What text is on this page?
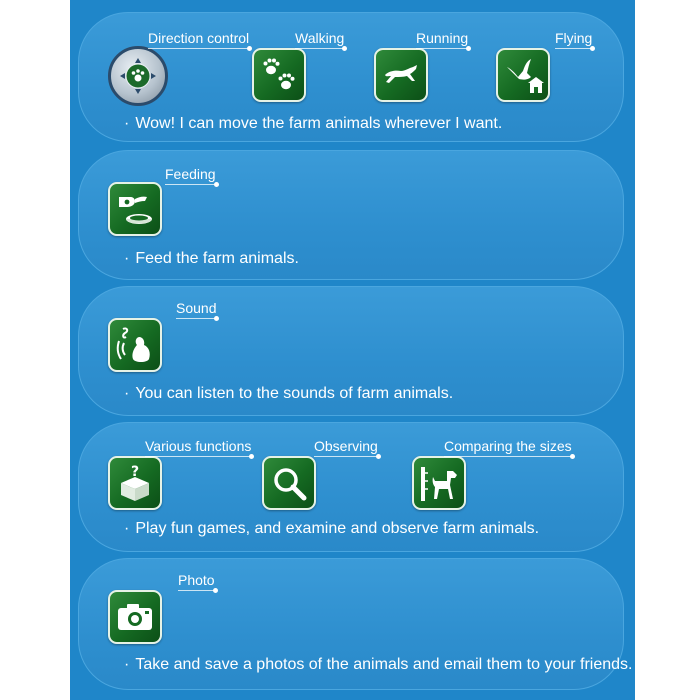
Direction control	Walking	Running	Flying
· Wow! I can move the farm animals wherever I want.
Feeding
· Feed the farm animals.
Sound
· You can listen to the sounds of farm animals.
?
Various functions	Observing	Comparing the sizes
· Play fun games, and examine and observe farm animals.
Photo
· Take and save a photos of the animals and email them to your friends.
